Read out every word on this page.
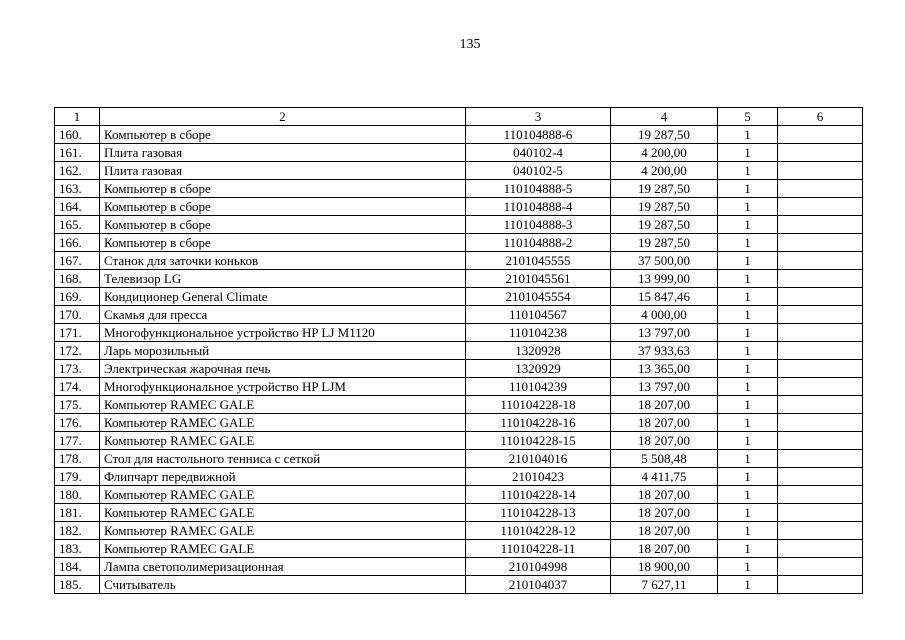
135
1	2	3	4	5	6
160.	Компьютер в сборе	110104888-6	19 287,50	1	
161.	Плита газовая	040102-4	4 200,00	1	
162.	Плита газовая	040102-5	4 200,00	1	
163.	Компьютер в сборе	110104888-5	19 287,50	1	
164.	Компьютер в сборе	110104888-4	19 287,50	1	
165.	Компьютер в сборе	110104888-3	19 287,50	1	
166.	Компьютер в сборе	110104888-2	19 287,50	1	
167.	Станок для заточки коньков	2101045555	37 500,00	1	
168.	Телевизор LG	2101045561	13 999,00	1	
169.	Кондиционер General Climate	2101045554	15 847,46	1	
170.	Скамья для пресса	110104567	4 000,00	1	
171.	Многофункциональное устройство HP LJ M1120	110104238	13 797,00	1	
172.	Ларь морозильный	1320928	37 933,63	1	
173.	Электрическая жарочная печь	1320929	13 365,00	1	
174.	Многофункциональное устройство HP LJM	110104239	13 797,00	1	
175.	Компьютер RAMEC GALE	110104228-18	18 207,00	1	
176.	Компьютер RAMEC GALE	110104228-16	18 207,00	1	
177.	Компьютер RAMEC GALE	110104228-15	18 207,00	1	
178.	Стол для настольного тенниса с сеткой	210104016	5 508,48	1	
179.	Флипчарт передвижной	21010423	4 411,75	1	
180.	Компьютер RAMEC GALE	110104228-14	18 207,00	1	
181.	Компьютер RAMEC GALE	110104228-13	18 207,00	1	
182.	Компьютер RAMEC GALE	110104228-12	18 207,00	1	
183.	Компьютер RAMEC GALE	110104228-11	18 207,00	1	
184.	Лампа светополимеризационная	210104998	18 900,00	1	
185.	Считыватель	210104037	7 627,11	1	
